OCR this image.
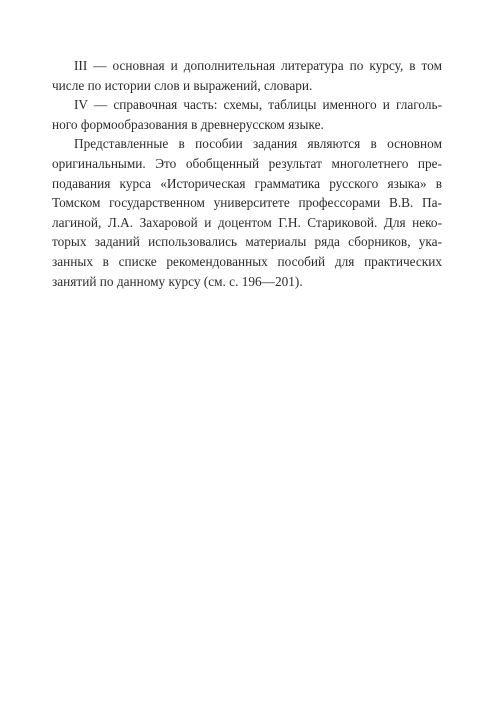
III — основная и дополнительная литература по курсу, в том
числе по истории слов и выражений, словари.
IV — справочная часть: схемы, таблицы именного и глаголь-
ного формообразования в древнерусском языке.
Представленные в пособии задания являются в основном
оригинальными. Это обобщенный результат многолетнего пре-
подавания курса «Историческая грамматика русского языка» в
Томском государственном университете профессорами В.В. Па-
лагиной, Л.А. Захаровой и доцентом Г.Н. Стариковой. Для неко-
торых заданий использовались материалы ряда сборников, ука-
занных в списке рекомендованных пособий для практических
занятий по данному курсу (см. с. 196—201).
